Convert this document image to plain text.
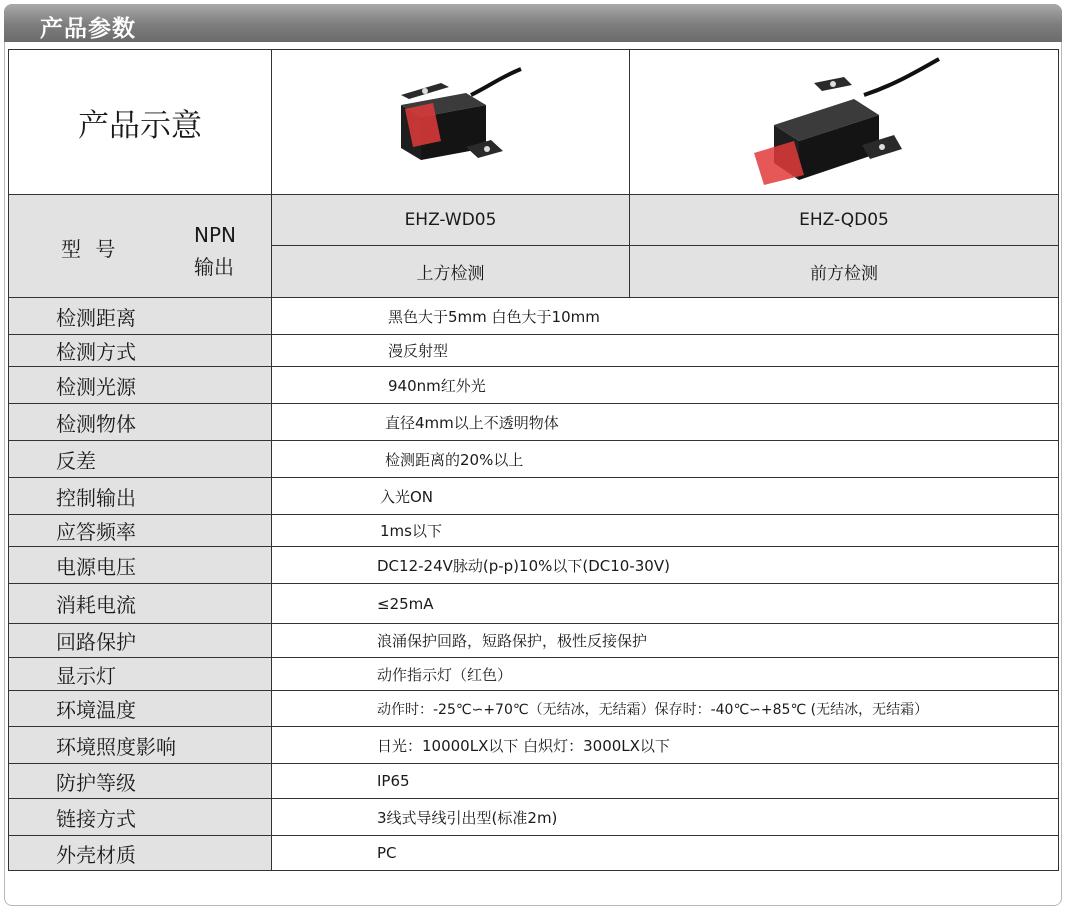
产品参数
产品示意		

型 号
NPN
输出	EHZ-WD05	EHZ-QD05
	上方检测	前方检测
检测距离	黑色大于5mm 白色大于10mm	
检测方式	漫反射型	
检测光源	940nm红外光	
检测物体	直径4mm以上不透明物体	
反差	检测距离的20%以上	
控制输出	入光ON	
应答频率	1ms以下	
电源电压	DC12-24V脉动(p-p)10%以下(DC10-30V)	
消耗电流	≤25mA	
回路保护	浪涌保护回路，短路保护，极性反接保护	
显示灯	动作指示灯（红色）	
环境温度	动作时：-25℃∽+70℃（无结冰，无结霜）保存时：-40℃∽+85℃ (无结冰，无结霜）	
环境照度影响	日光：10000LX以下 白炽灯：3000LX以下	
防护等级	IP65	
链接方式	3线式导线引出型(标准2m)	
外壳材质	PC	
